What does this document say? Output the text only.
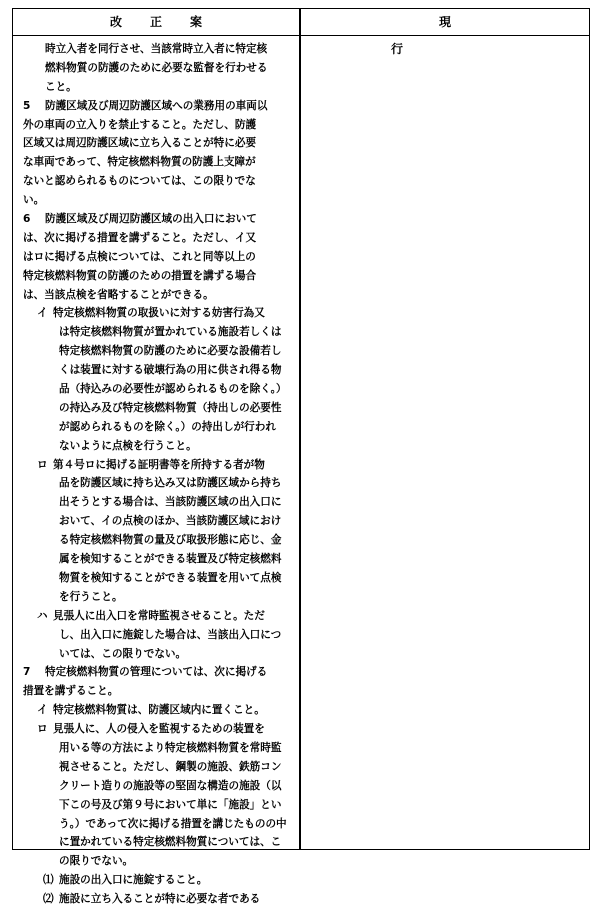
改正案	現行
時立入者を同行させ、当該常時立入者に特定核
燃料物質の防護のために必要な監督を行わせる
こと。
5 防護区域及び周辺防護区域への業務用の車両以
外の車両の立入りを禁止すること。ただし、防護
区域又は周辺防護区域に立ち入ることが特に必要
な車両であって、特定核燃料物質の防護上支障が
ないと認められるものについては、この限りでな
い。
6 防護区域及び周辺防護区域の出入口において
は、次に掲げる措置を講ずること。ただし、イ又
はロに掲げる点検については、これと同等以上の
特定核燃料物質の防護のための措置を講ずる場合
は、当該点検を省略することができる。
イ 特定核燃料物質の取扱いに対する妨害行為又
は特定核燃料物質が置かれている施設若しくは
特定核燃料物質の防護のために必要な設備若し
くは装置に対する破壊行為の用に供され得る物
品（持込みの必要性が認められるものを除く。）
の持込み及び特定核燃料物質（持出しの必要性
が認められるものを除く。）の持出しが行われ
ないように点検を行うこと。
ロ 第４号ロに掲げる証明書等を所持する者が物
品を防護区域に持ち込み又は防護区域から持ち
出そうとする場合は、当該防護区域の出入口に
おいて、イの点検のほか、当該防護区域におけ
る特定核燃料物質の量及び取扱形態に応じ、金
属を検知することができる装置及び特定核燃料
物質を検知することができる装置を用いて点検
を行うこと。
ハ 見張人に出入口を常時監視させること。ただ
し、出入口に施錠した場合は、当該出入口につ
いては、この限りでない。
7 特定核燃料物質の管理については、次に掲げる
措置を講ずること。
イ 特定核燃料物質は、防護区域内に置くこと。
ロ 見張人に、人の侵入を監視するための装置を
用いる等の方法により特定核燃料物質を常時監
視させること。ただし、鋼製の施設、鉄筋コン
クリート造りの施設等の堅固な構造の施設（以
下この号及び第９号において単に「施設」とい
う。）であって次に掲げる措置を講じたものの中
に置かれている特定核燃料物質については、こ
の限りでない。
⑴ 施設の出入口に施錠すること。
⑵ 施設に立ち入ることが特に必要な者である
